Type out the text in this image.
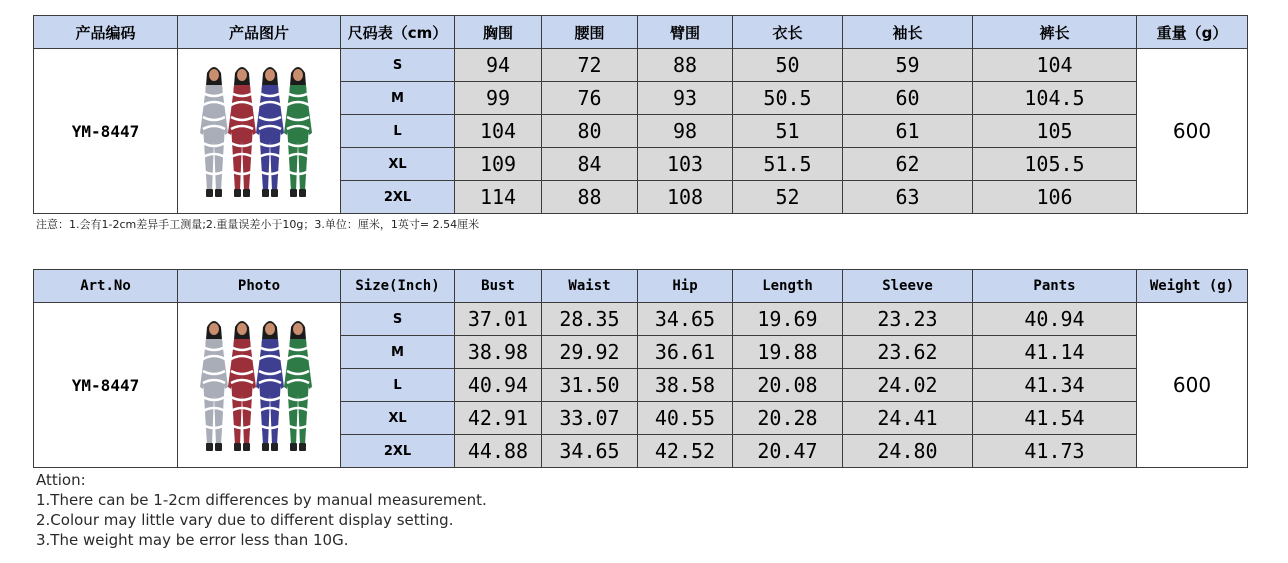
产品编码	产品图片	尺码表（cm）	胸围	腰围	臂围	衣长	袖长	裤长	重量（g）
YM-8447		S	94	72	88	50	59	104	600
		M	99	76	93	50.5	60	104.5	
		L	104	80	98	51	61	105	
		XL	109	84	103	51.5	62	105.5	
		2XL	114	88	108	52	63	106	
注意：1.会有1-2cm差异手工测量;2.重量误差小于10g；3.单位：厘米，1英寸= 2.54厘米
Art.No	Photo	Size(Inch)	Bust	Waist	Hip	Length	Sleeve	Pants	Weight (g)
YM-8447		S	37.01	28.35	34.65	19.69	23.23	40.94	600
		M	38.98	29.92	36.61	19.88	23.62	41.14	
		L	40.94	31.50	38.58	20.08	24.02	41.34	
		XL	42.91	33.07	40.55	20.28	24.41	41.54	
		2XL	44.88	34.65	42.52	20.47	24.80	41.73	
Attion:
1.There can be 1-2cm differences by manual measurement.
2.Colour may little vary due to different display setting.
3.The weight may be error less than 10G.
